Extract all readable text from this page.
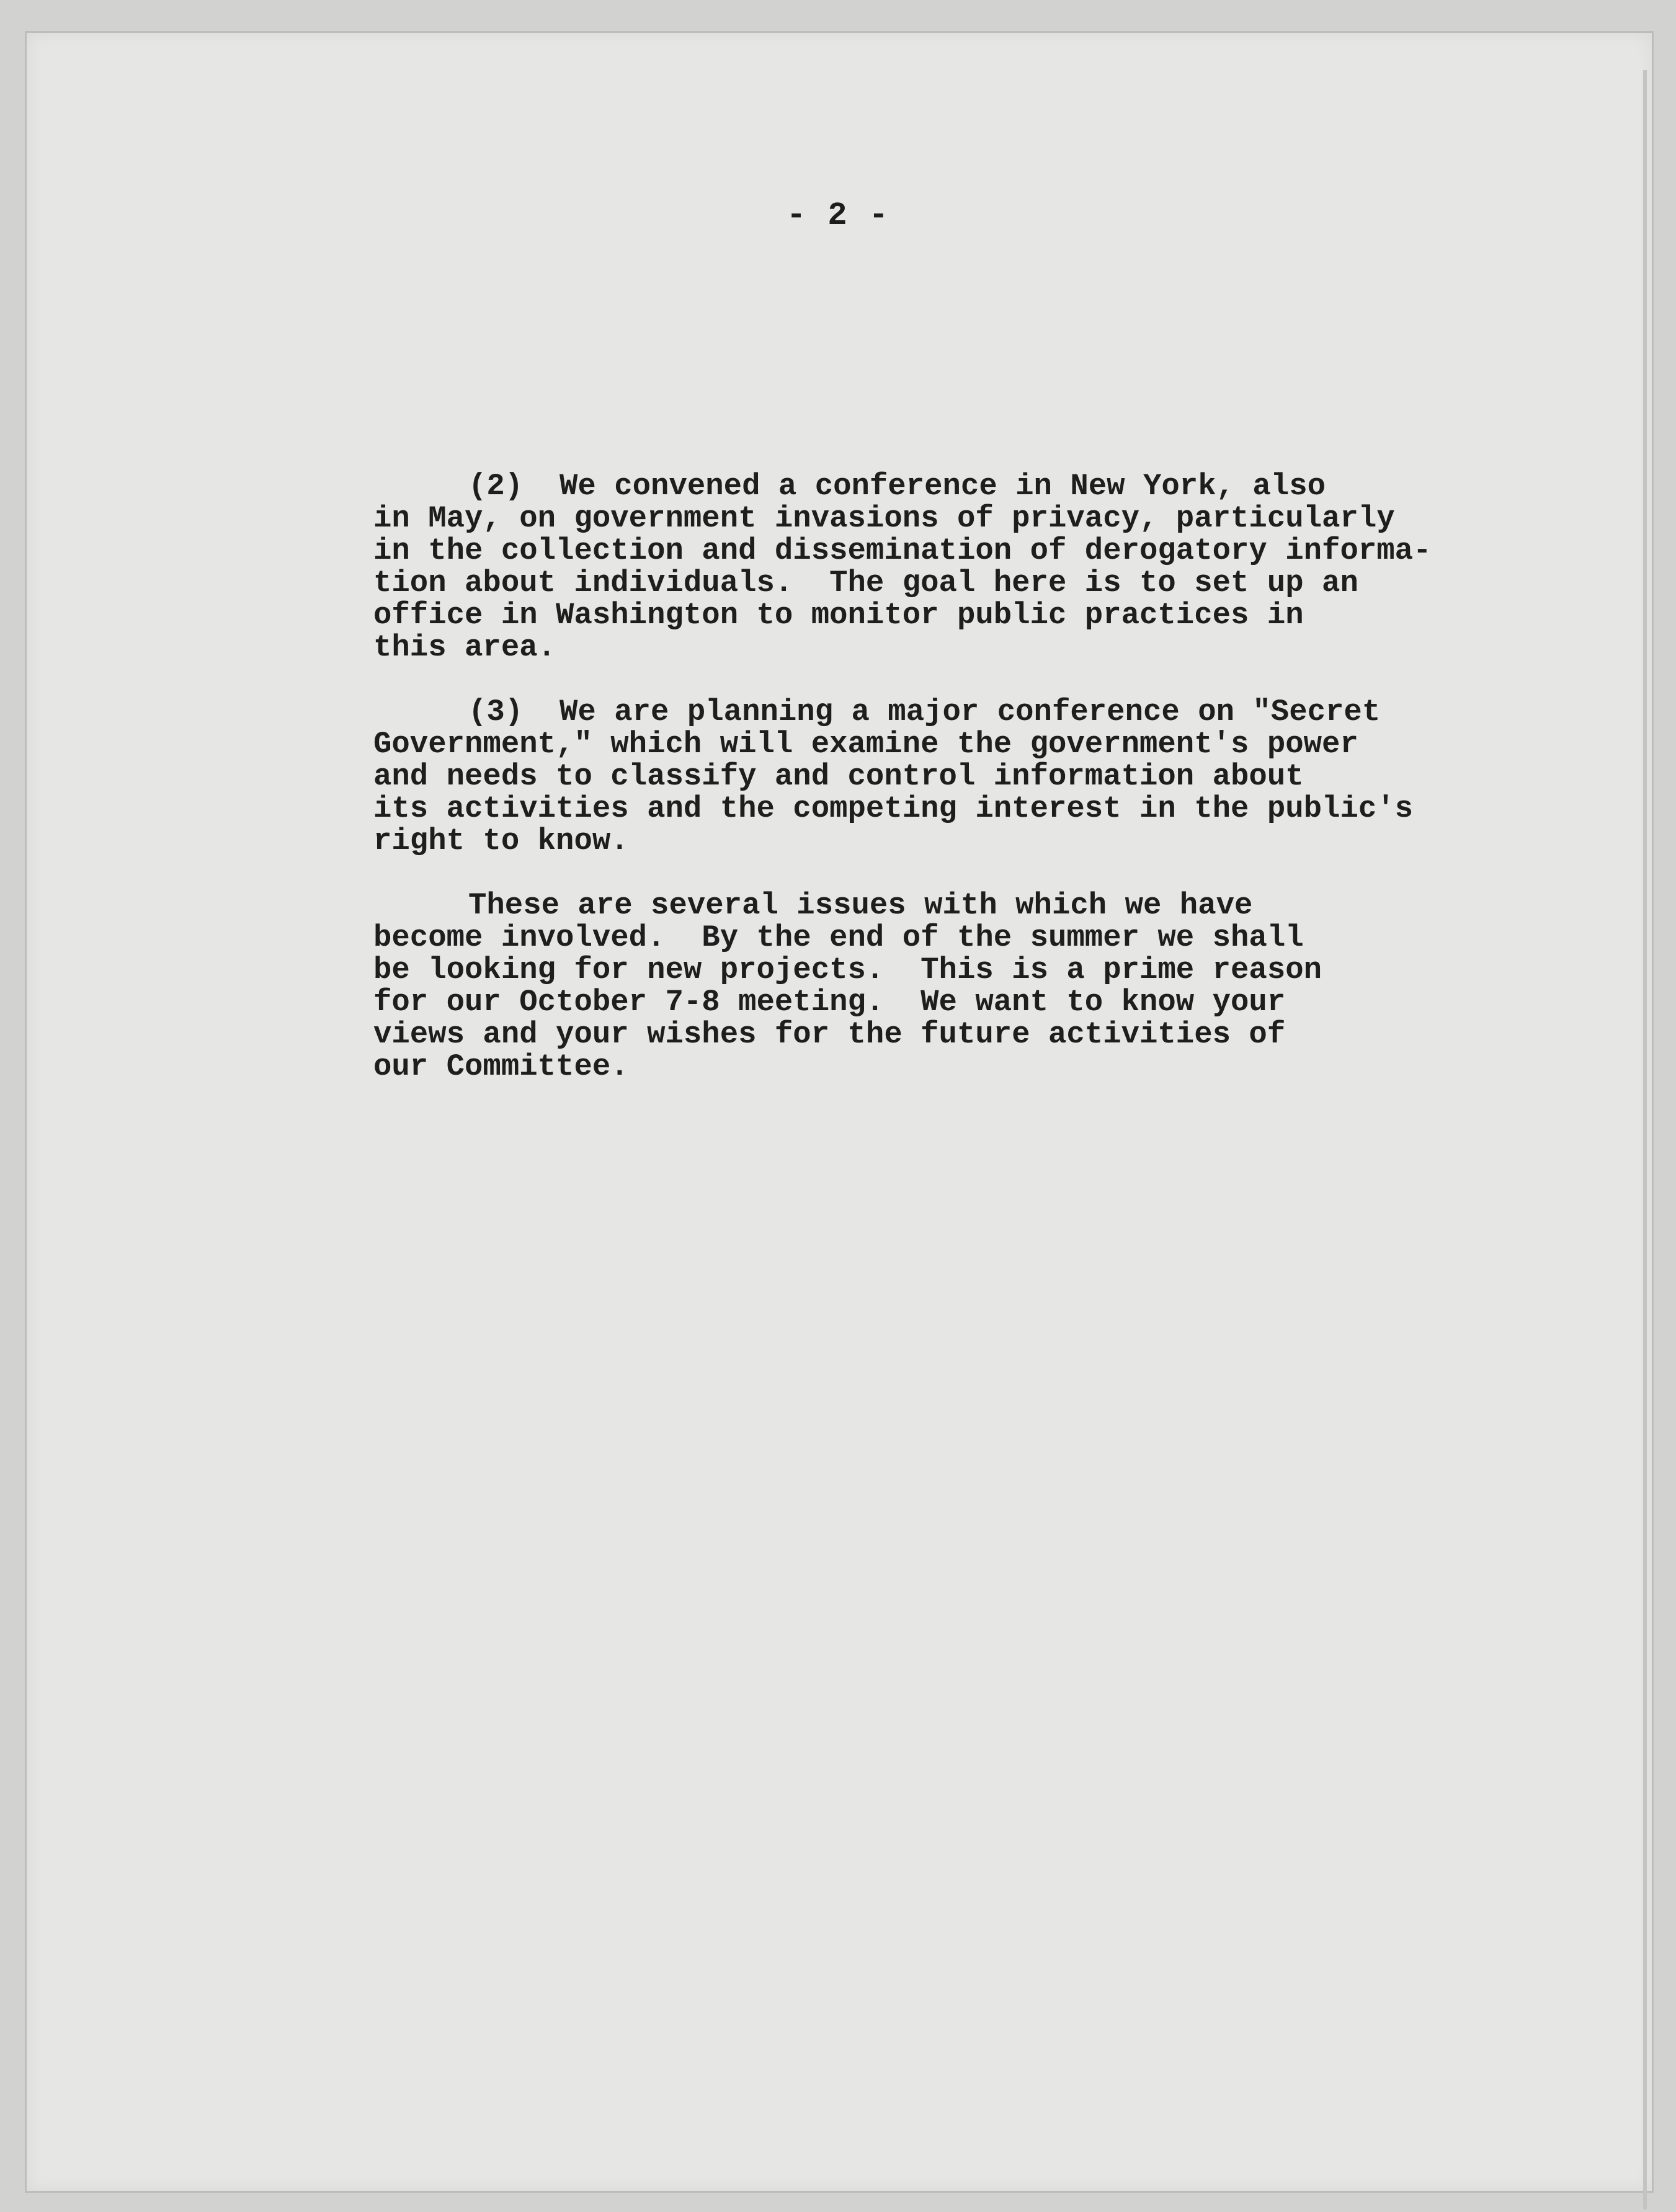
- 2 -
(2)  We convened a conference in New York, also
in May, on government invasions of privacy, particularly
in the collection and dissemination of derogatory informa-
tion about individuals.  The goal here is to set up an
office in Washington to monitor public practices in
this area.
(3)  We are planning a major conference on "Secret
Government," which will examine the government's power
and needs to classify and control information about
its activities and the competing interest in the public's
right to know.
These are several issues with which we have
become involved.  By the end of the summer we shall
be looking for new projects.  This is a prime reason
for our October 7-8 meeting.  We want to know your
views and your wishes for the future activities of
our Committee.
